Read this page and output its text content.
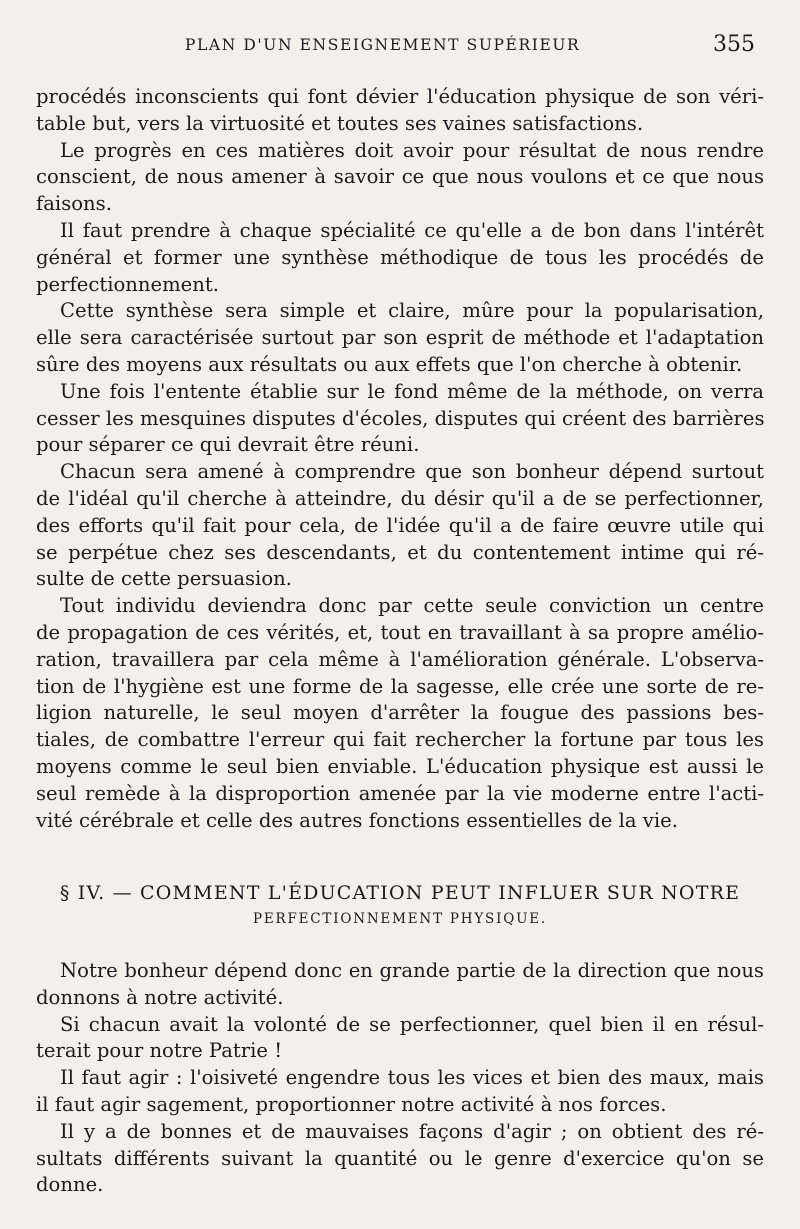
PLAN D'UN ENSEIGNEMENT SUPÉRIEUR	355
procédés inconscients qui font dévier l'éducation physique de son véri-
table but, vers la virtuosité et toutes ses vaines satisfactions.
Le progrès en ces matières doit avoir pour résultat de nous rendre
conscient, de nous amener à savoir ce que nous voulons et ce que nous
faisons.
Il faut prendre à chaque spécialité ce qu'elle a de bon dans l'intérêt
général et former une synthèse méthodique de tous les procédés de
perfectionnement.
Cette synthèse sera simple et claire, mûre pour la popularisation,
elle sera caractérisée surtout par son esprit de méthode et l'adaptation
sûre des moyens aux résultats ou aux effets que l'on cherche à obtenir.
Une fois l'entente établie sur le fond même de la méthode, on verra
cesser les mesquines disputes d'écoles, disputes qui créent des barrières
pour séparer ce qui devrait être réuni.
Chacun sera amené à comprendre que son bonheur dépend surtout
de l'idéal qu'il cherche à atteindre, du désir qu'il a de se perfectionner,
des efforts qu'il fait pour cela, de l'idée qu'il a de faire œuvre utile qui
se perpétue chez ses descendants, et du contentement intime qui ré-
sulte de cette persuasion.
Tout individu deviendra donc par cette seule conviction un centre
de propagation de ces vérités, et, tout en travaillant à sa propre amélio-
ration, travaillera par cela même à l'amélioration générale. L'observa-
tion de l'hygiène est une forme de la sagesse, elle crée une sorte de re-
ligion naturelle, le seul moyen d'arrêter la fougue des passions bes-
tiales, de combattre l'erreur qui fait rechercher la fortune par tous les
moyens comme le seul bien enviable. L'éducation physique est aussi le
seul remède à la disproportion amenée par la vie moderne entre l'acti-
vité cérébrale et celle des autres fonctions essentielles de la vie.
§ IV. — COMMENT L'ÉDUCATION PEUT INFLUER SUR NOTRE
PERFECTIONNEMENT PHYSIQUE.
Notre bonheur dépend donc en grande partie de la direction que nous
donnons à notre activité.
Si chacun avait la volonté de se perfectionner, quel bien il en résul-
terait pour notre Patrie !
Il faut agir : l'oisiveté engendre tous les vices et bien des maux, mais
il faut agir sagement, proportionner notre activité à nos forces.
Il y a de bonnes et de mauvaises façons d'agir ; on obtient des ré-
sultats différents suivant la quantité ou le genre d'exercice qu'on se
donne.
